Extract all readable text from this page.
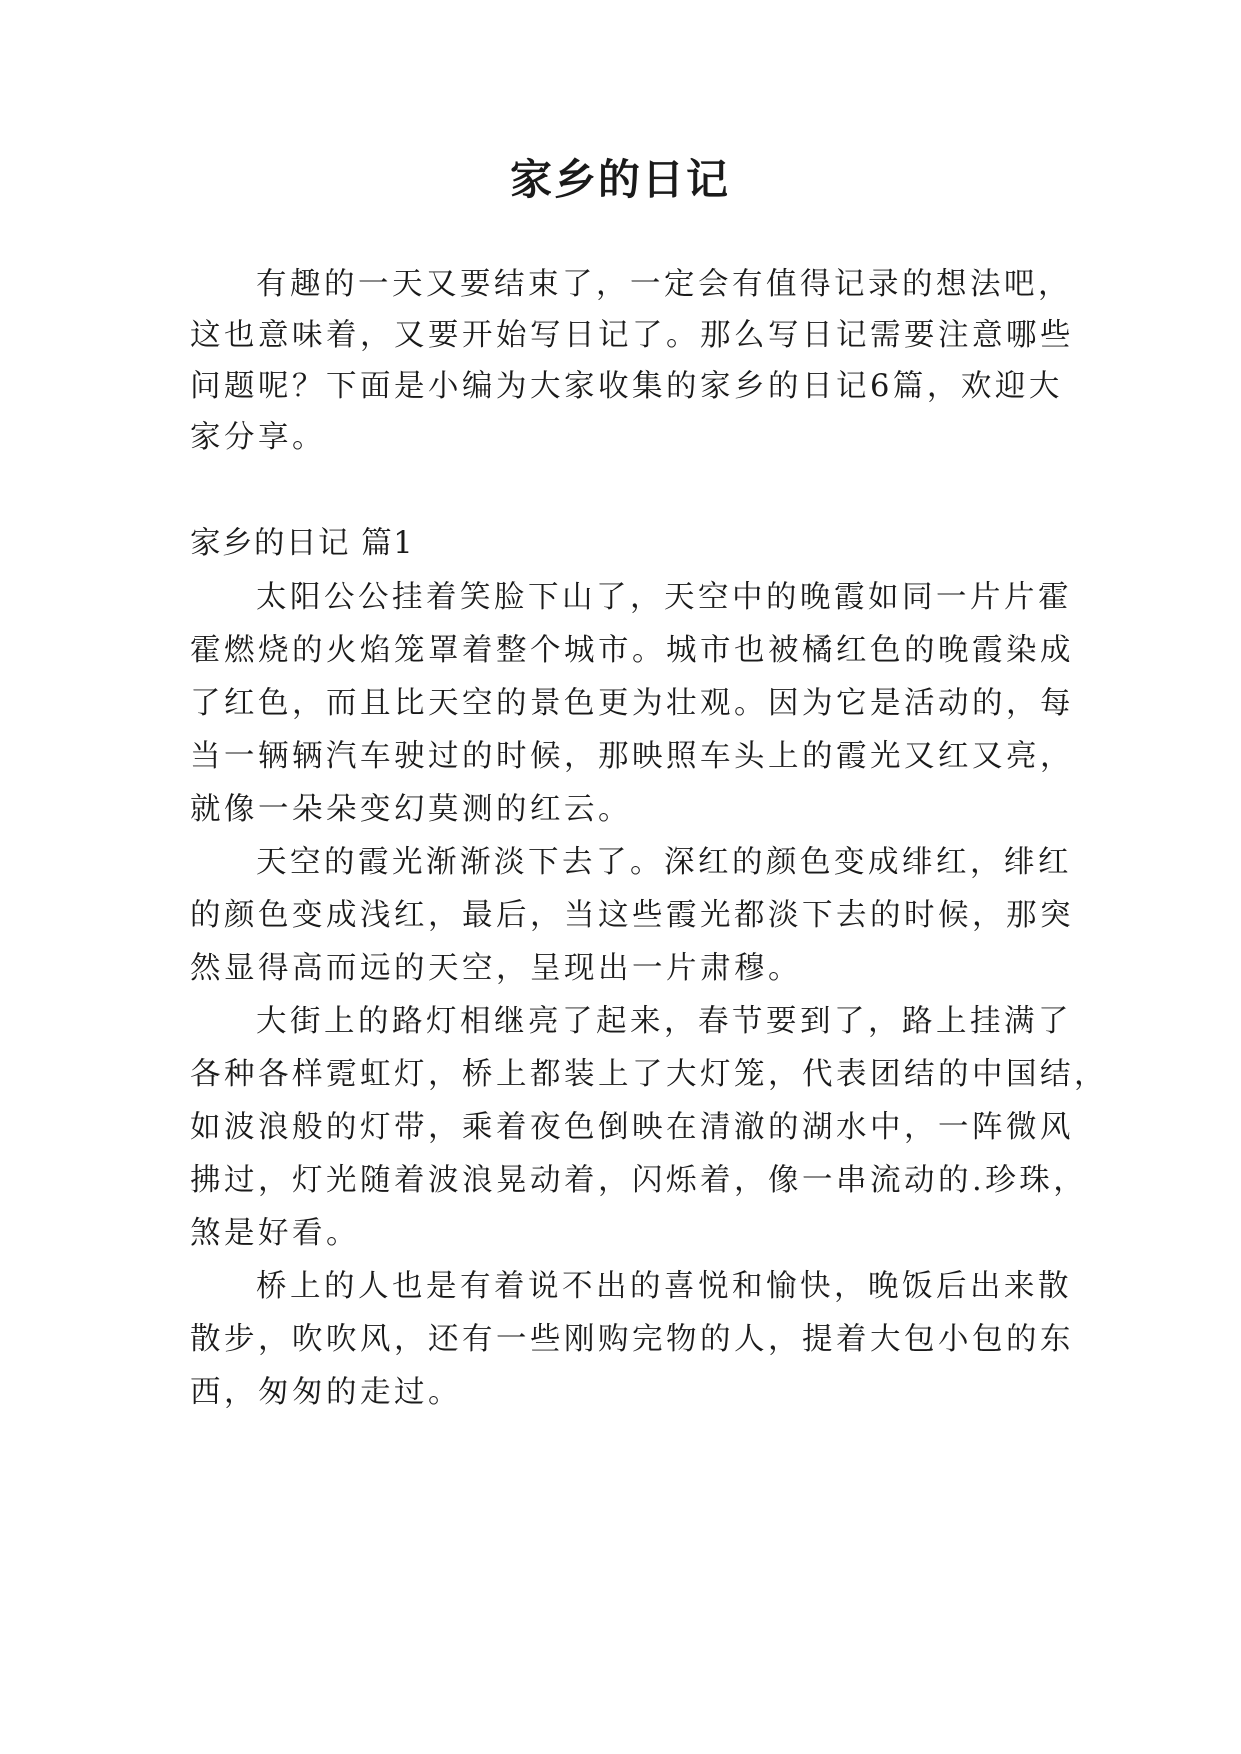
家乡的日记
有趣的一天又要结束了，一定会有值得记录的想法吧，
这也意味着，又要开始写日记了。那么写日记需要注意哪些
问题呢？下面是小编为大家收集的家乡的日记6篇，欢迎大
家分享。
家乡的日记 篇1
太阳公公挂着笑脸下山了，天空中的晚霞如同一片片霍
霍燃烧的火焰笼罩着整个城市。城市也被橘红色的晚霞染成
了红色，而且比天空的景色更为壮观。因为它是活动的，每
当一辆辆汽车驶过的时候，那映照车头上的霞光又红又亮，
就像一朵朵变幻莫测的红云。
天空的霞光渐渐淡下去了。深红的颜色变成绯红，绯红
的颜色变成浅红，最后，当这些霞光都淡下去的时候，那突
然显得高而远的天空，呈现出一片肃穆。
大街上的路灯相继亮了起来，春节要到了，路上挂满了
各种各样霓虹灯，桥上都装上了大灯笼，代表团结的中国结，
如波浪般的灯带，乘着夜色倒映在清澈的湖水中，一阵微风
拂过，灯光随着波浪晃动着，闪烁着，像一串流动的.珍珠，
煞是好看。
桥上的人也是有着说不出的喜悦和愉快，晚饭后出来散
散步，吹吹风，还有一些刚购完物的人，提着大包小包的东
西，匆匆的走过。
